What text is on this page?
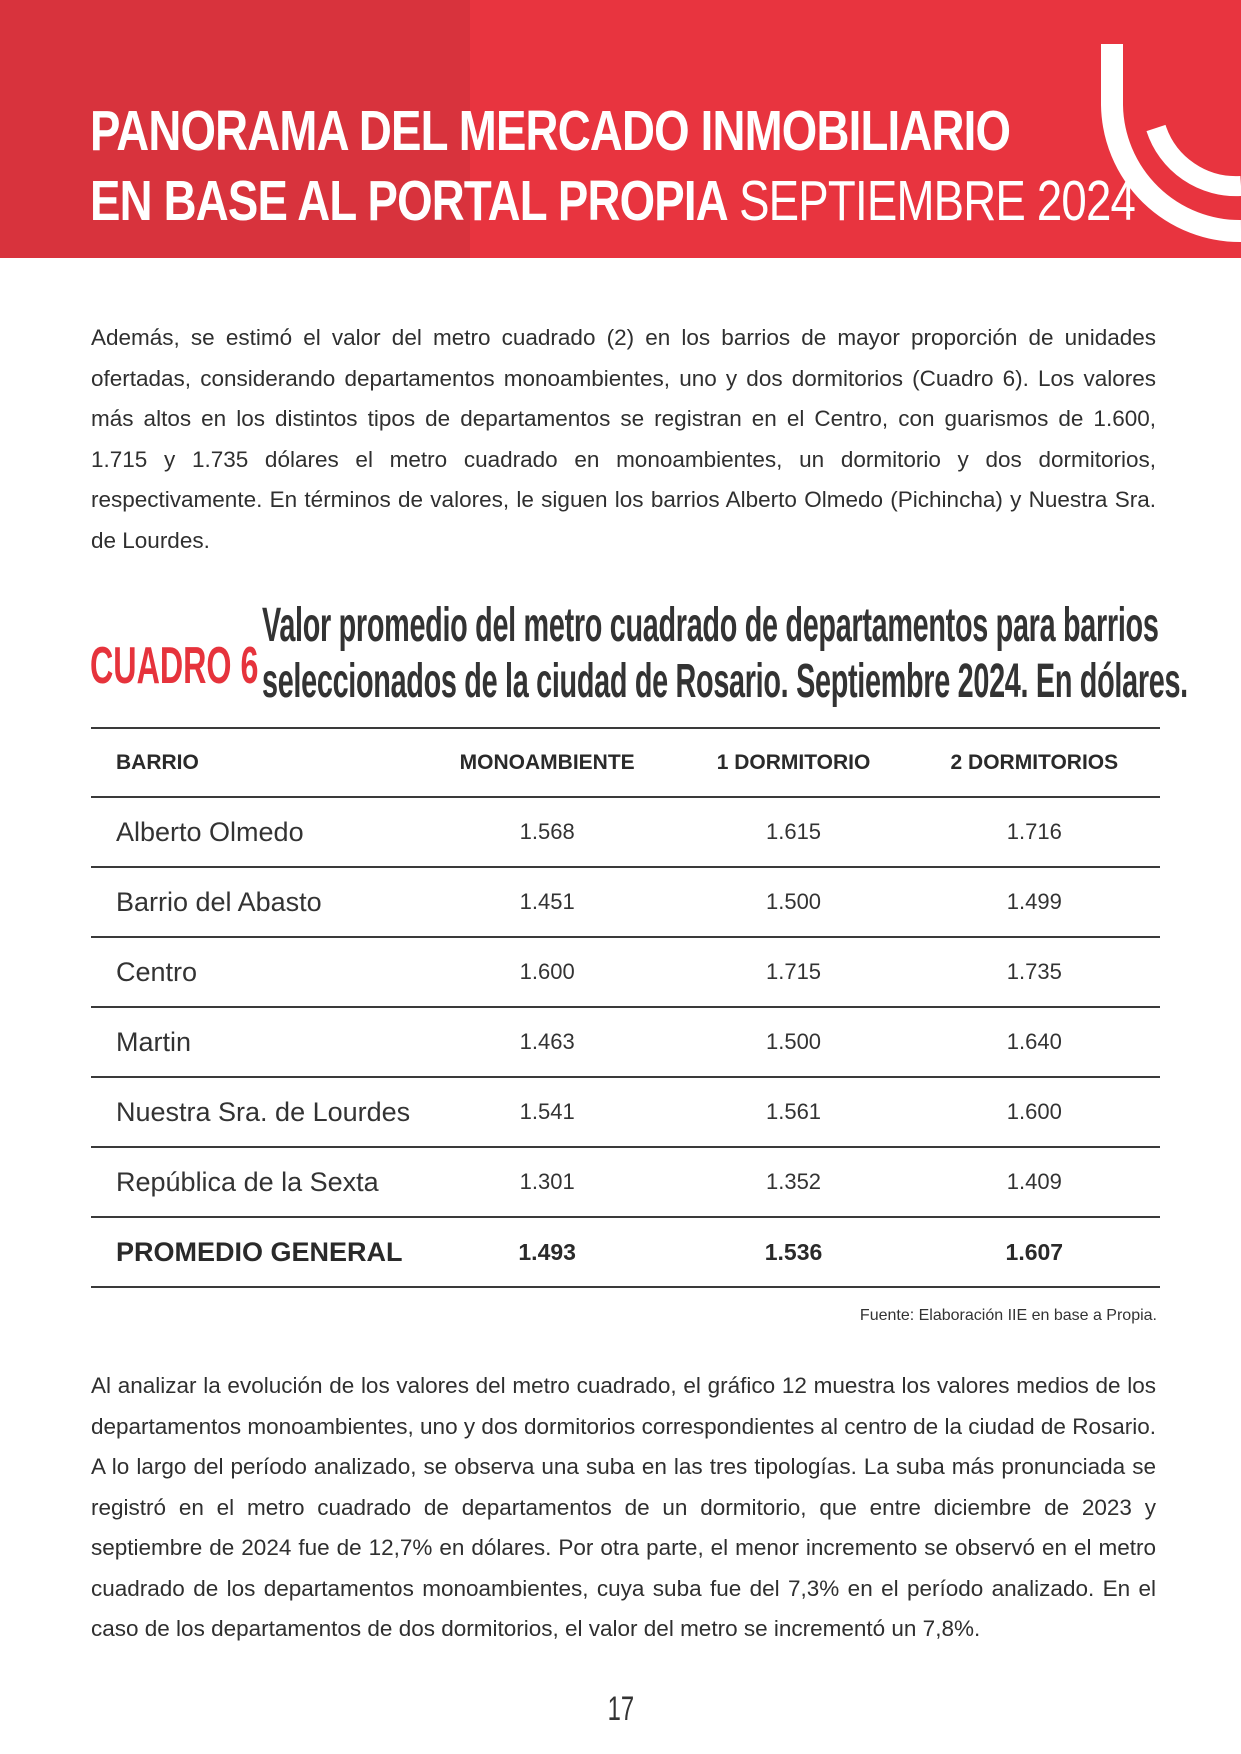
PANORAMA DEL MERCADO INMOBILIARIO
EN BASE AL PORTAL PROPIA SEPTIEMBRE 2024

Además, se estimó el valor del metro cuadrado (2) en los barrios de mayor proporción de unidades ofertadas, considerando departamentos monoambientes, uno y dos dormitorios (Cuadro 6). Los valores más altos en los distintos tipos de departamentos se registran en el Centro, con guarismos de 1.600, 1.715 y 1.735 dólares el metro cuadrado en monoambientes, un dormitorio y dos dormitorios, respectivamente. En términos de valores, le siguen los barrios Alberto Olmedo (Pichincha) y Nuestra Sra. de Lourdes.

CUADRO 6
Valor promedio del metro cuadrado de departamentos para barrios
seleccionados de la ciudad de Rosario. Septiembre 2024. En dólares.
BARRIO	MONOAMBIENTE	1 DORMITORIO	2 DORMITORIOS
Alberto Olmedo	1.568	1.615	1.716
Barrio del Abasto	1.451	1.500	1.499
Centro	1.600	1.715	1.735
Martin	1.463	1.500	1.640
Nuestra Sra. de Lourdes	1.541	1.561	1.600
República de la Sexta	1.301	1.352	1.409
PROMEDIO GENERAL	1.493	1.536	1.607

Fuente: Elaboración IIE en base a Propia.

Al analizar la evolución de los valores del metro cuadrado, el gráfico 12 muestra los valores medios de los departamentos monoambientes, uno y dos dormitorios correspondientes al centro de la ciudad de Rosario. A lo largo del período analizado, se observa una suba en las tres tipologías. La suba más pronunciada se registró en el metro cuadrado de departamentos de un dormitorio, que entre diciembre de 2023 y septiembre de 2024 fue de 12,7% en dólares. Por otra parte, el menor incremento se observó en el metro cuadrado de los departamentos monoambientes, cuya suba fue del 7,3% en el período analizado. En el caso de los departamentos de dos dormitorios, el valor del metro se incrementó un 7,8%.

17
